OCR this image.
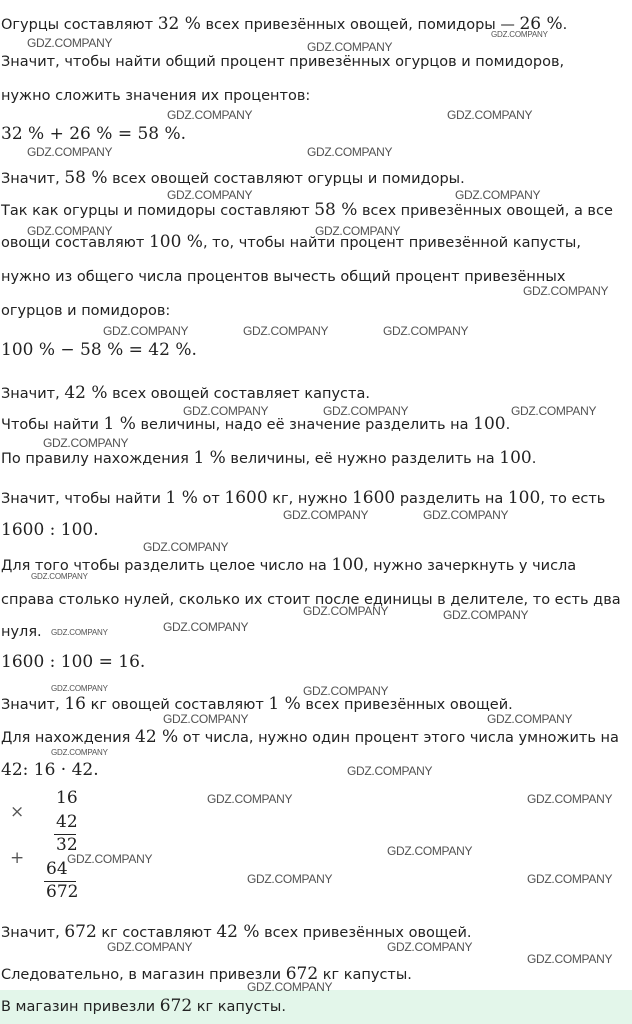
Огурцы составляют 32 % всех привезённых овощей, помидоры — 26 %.
Значит, чтобы найти общий процент привезённых огурцов и помидоров,
нужно сложить значения их процентов:
32 % + 26 % = 58 %.
Значит, 58 % всех овощей составляют огурцы и помидоры.
Так как огурцы и помидоры составляют 58 % всех привезённых овощей, а все
овощи составляют 100 %, то, чтобы найти процент привезённой капусты,
нужно из общего числа процентов вычесть общий процент привезённых
огурцов и помидоров:
100 % − 58 % = 42 %.
Значит, 42 % всех овощей составляет капуста.
Чтобы найти 1 % величины, надо её значение разделить на 100.
По правилу нахождения 1 % величины, её нужно разделить на 100.
Значит, чтобы найти 1 % от 1600 кг, нужно 1600 разделить на 100, то есть
1600 : 100.
Для того чтобы разделить целое число на 100, нужно зачеркнуть у числа
справа столько нулей, сколько их стоит после единицы в делителе, то есть два
нуля.
1600 : 100 = 16.
Значит, 16 кг овощей составляют 1 % всех привезённых овощей.
Для нахождения 42 % от числа, нужно один процент этого числа умножить на
42: 16 · 42.
Значит, 672 кг составляют 42 % всех привезённых овощей.
Следовательно, в магазин привезли 672 кг капусты.
×
16
42
32
+
64
672
В магазин привезли 672 кг капусты.
GDZ.COMPANY	GDZ.COMPANY
GDZ.COMPANY
GDZ.COMPANY	GDZ.COMPANY
GDZ.COMPANY	GDZ.COMPANY
GDZ.COMPANY	GDZ.COMPANY
GDZ.COMPANY	GDZ.COMPANY
GDZ.COMPANY
GDZ.COMPANY	GDZ.COMPANY	GDZ.COMPANY
GDZ.COMPANY	GDZ.COMPANY	GDZ.COMPANY
GDZ.COMPANY
GDZ.COMPANY	GDZ.COMPANY
GDZ.COMPANY
GDZ.COMPANY
GDZ.COMPANY	GDZ.COMPANY
GDZ.COMPANY
GDZ.COMPANY
GDZ.COMPANY
GDZ.COMPANY
GDZ.COMPANY	GDZ.COMPANY
GDZ.COMPANY
GDZ.COMPANY
GDZ.COMPANY	GDZ.COMPANY
GDZ.COMPANY
GDZ.COMPANY
GDZ.COMPANY	GDZ.COMPANY
GDZ.COMPANY	GDZ.COMPANY
GDZ.COMPANY
GDZ.COMPANY
